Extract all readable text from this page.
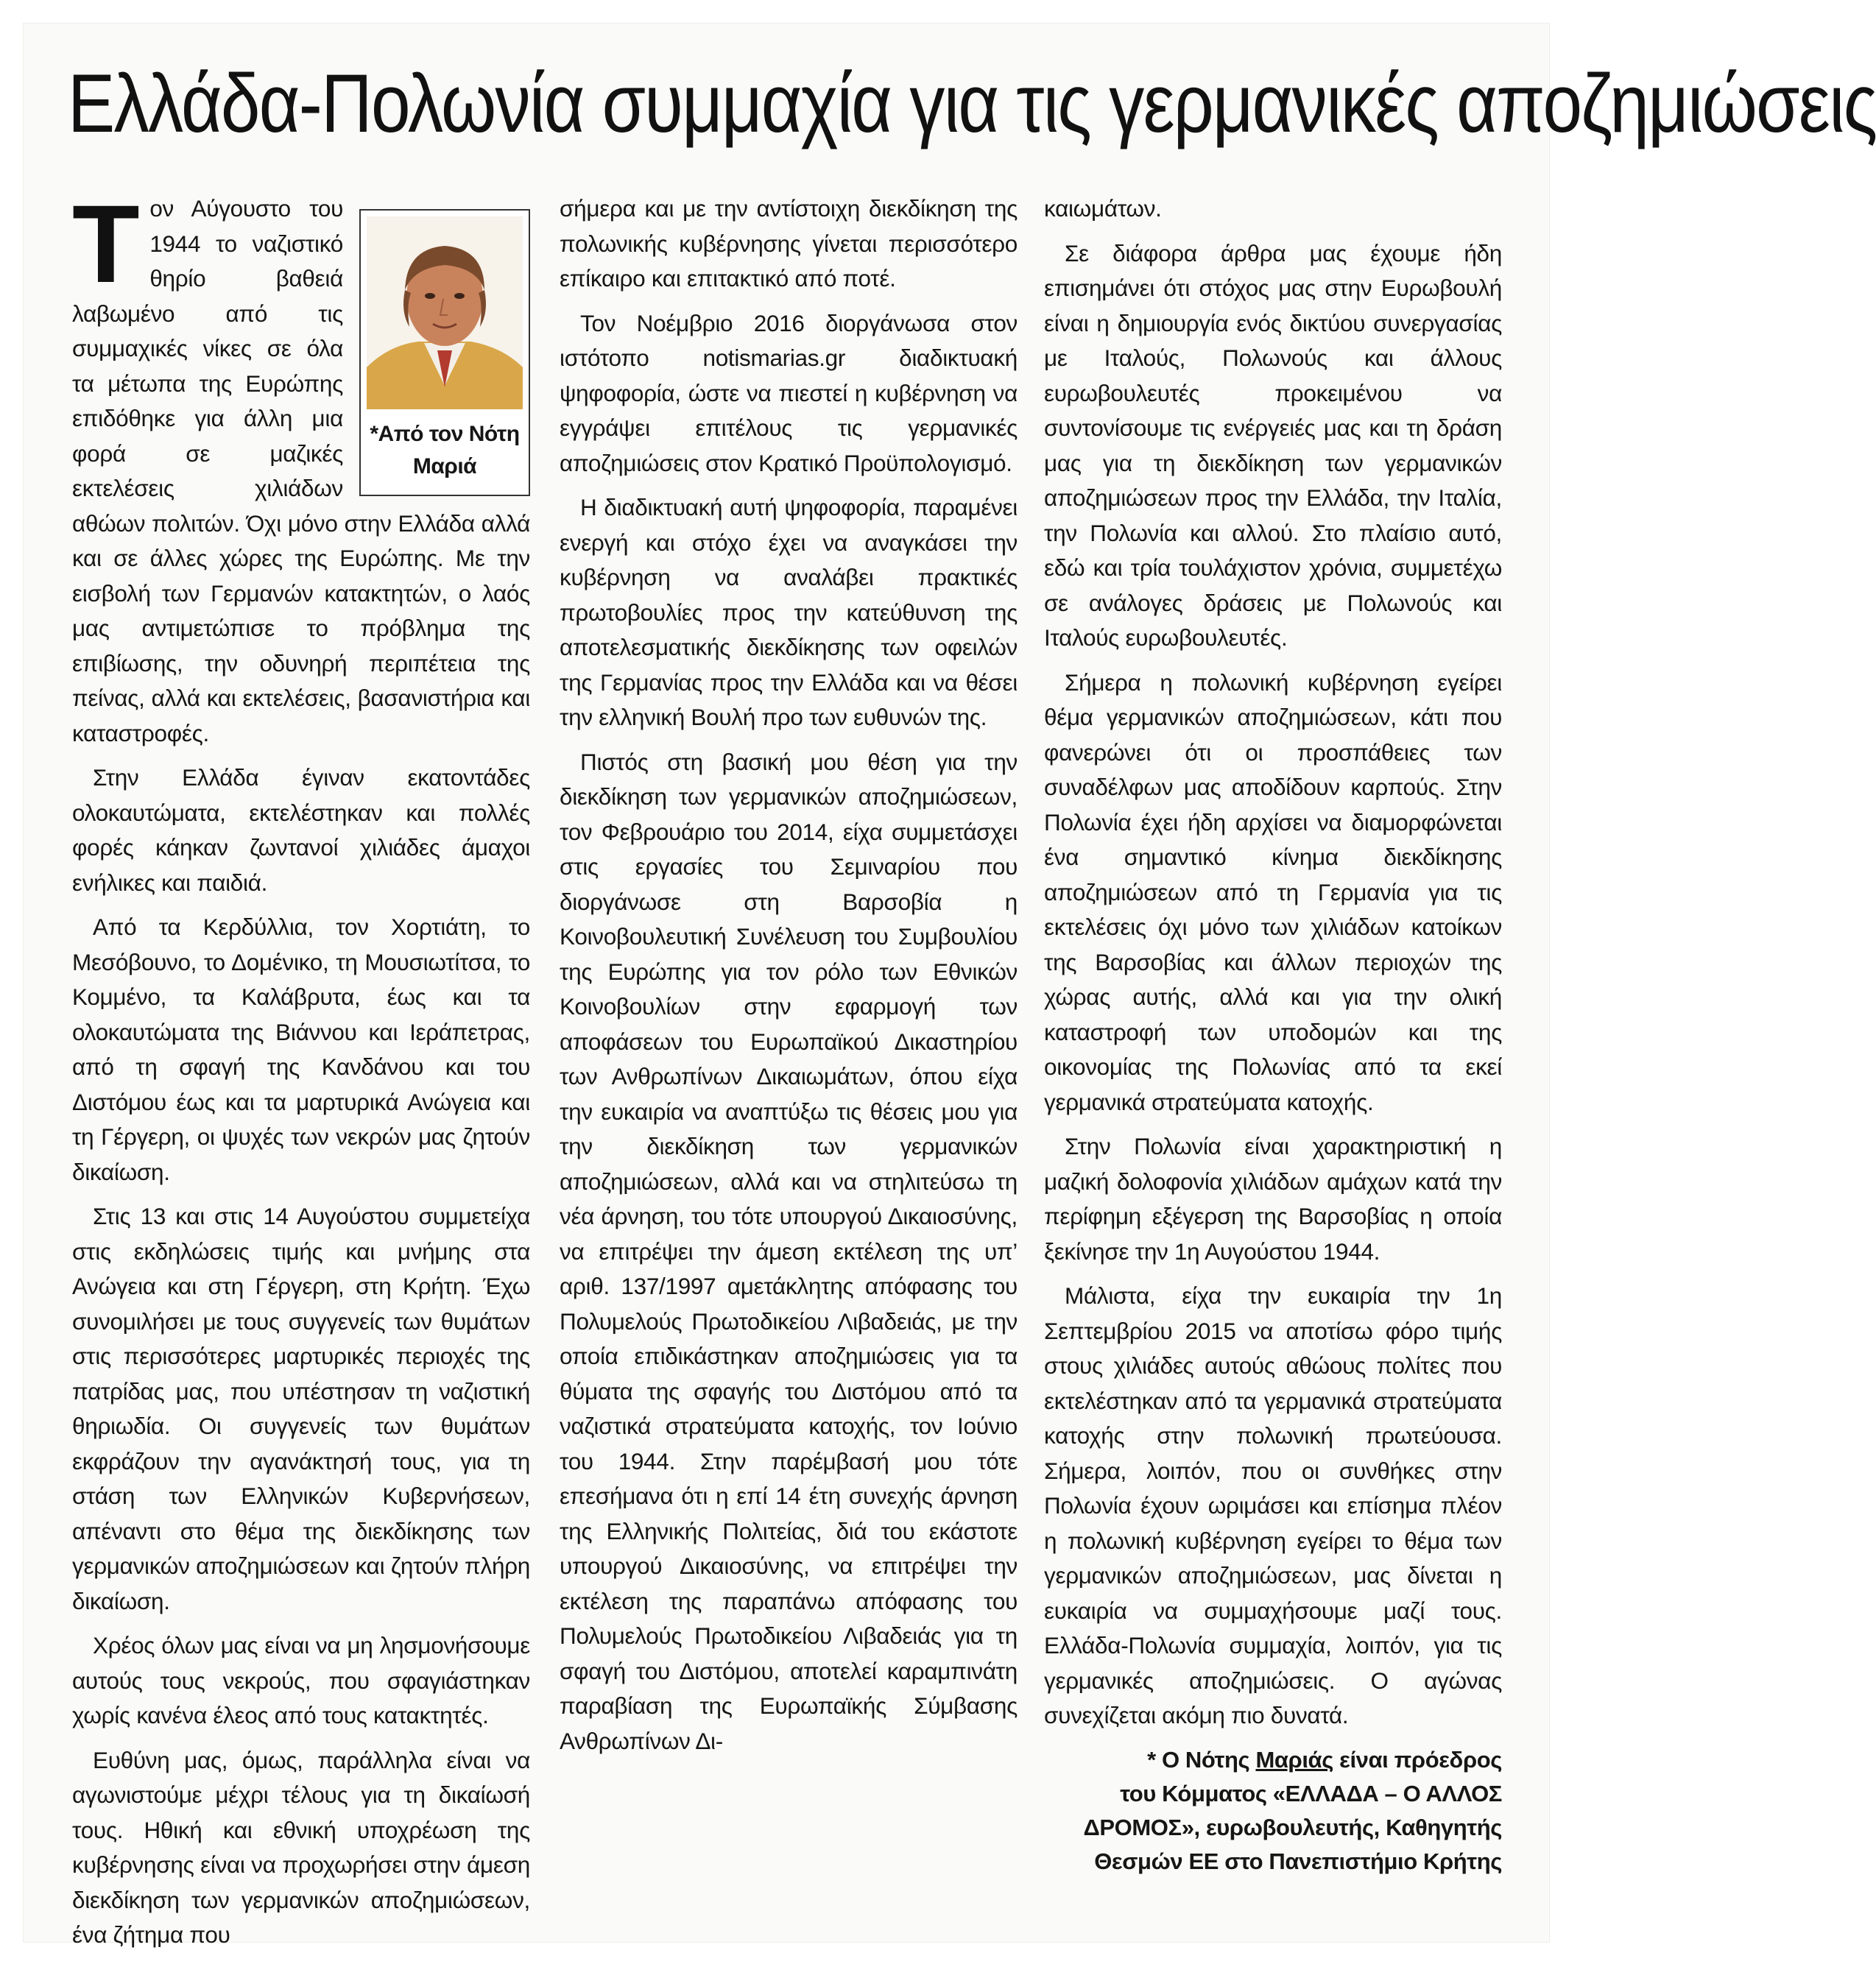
Ελλάδα-Πολωνία συμμαχία για τις γερμανικές αποζημιώσεις
*Από τον Νότη
Μαριά

Τον Αύγουστο του 1944 το ναζιστικό θηρίο βαθειά λαβωμένο από τις συμμαχικές νίκες σε όλα τα μέτωπα της Ευρώπης επιδόθηκε για άλλη μια φορά σε μαζικές εκτελέσεις χιλιάδων αθώων πολιτών. Όχι μόνο στην Ελλάδα αλλά και σε άλλες χώρες της Ευρώπης. Με την εισβολή των Γερμανών κατακτητών, ο λαός μας αντιμετώπισε το πρόβλημα της επιβίωσης, την οδυνηρή περιπέτεια της πείνας, αλλά και εκτελέσεις, βασανιστήρια και καταστροφές.

Στην Ελλάδα έγιναν εκατοντάδες ολοκαυτώματα, εκτελέστηκαν και πολλές φορές κάηκαν ζωντανοί χιλιάδες άμαχοι ενήλικες και παιδιά.

Από τα Κερδύλλια, τον Χορτιάτη, το Μεσόβουνο, το Δομένικο, τη Μουσιωτίτσα, το Κομμένο, τα Καλάβρυτα, έως και τα ολοκαυτώματα της Βιάννου και Ιεράπετρας, από τη σφαγή της Κανδάνου και του Διστόμου έως και τα μαρτυρικά Ανώγεια και τη Γέργερη, οι ψυχές των νεκρών μας ζητούν δικαίωση.

Στις 13 και στις 14 Αυγούστου συμμετείχα στις εκδηλώσεις τιμής και μνήμης στα Ανώγεια και στη Γέργερη, στη Κρήτη. Έχω συνομιλήσει με τους συγγενείς των θυμάτων στις περισσότερες μαρτυρικές περιοχές της πατρίδας μας, που υπέστησαν τη ναζιστική θηριωδία. Οι συγγενείς των θυμάτων εκφράζουν την αγανάκτησή τους, για τη στάση των Ελληνικών Κυβερνήσεων, απέναντι στο θέμα της διεκδίκησης των γερμανικών αποζημιώσεων και ζητούν πλήρη δικαίωση.

Χρέος όλων μας είναι να μη λησμονήσουμε αυτούς τους νεκρούς, που σφαγιάστηκαν χωρίς κανένα έλεος από τους κατακτητές.

Ευθύνη μας, όμως, παράλληλα είναι να αγωνιστούμε μέχρι τέλους για τη δικαίωσή τους. Ηθική και εθνική υποχρέωση της κυβέρνησης είναι να προχωρήσει στην άμεση διεκδίκηση των γερμανικών αποζημιώσεων, ένα ζήτημα που

σήμερα και με την αντίστοιχη διεκδίκηση της πολωνικής κυβέρνησης γίνεται περισσότερο επίκαιρο και επιτακτικό από ποτέ.

Τον Νοέμβριο 2016 διοργάνωσα στον ιστότοπο notismarias.gr διαδικτυακή ψηφοφορία, ώστε να πιεστεί η κυβέρνηση να εγγράψει επιτέλους τις γερμανικές αποζημιώσεις στον Κρατικό Προϋπολογισμό.

Η διαδικτυακή αυτή ψηφοφορία, παραμένει ενεργή και στόχο έχει να αναγκάσει την κυβέρνηση να αναλάβει πρακτικές πρωτοβουλίες προς την κατεύθυνση της αποτελεσματικής διεκδίκησης των οφειλών της Γερμανίας προς την Ελλάδα και να θέσει την ελληνική Βουλή προ των ευθυνών της.

Πιστός στη βασική μου θέση για την διεκδίκηση των γερμανικών αποζημιώσεων, τον Φεβρουάριο του 2014, είχα συμμετάσχει στις εργασίες του Σεμιναρίου που διοργάνωσε στη Βαρσοβία η Κοινοβουλευτική Συνέλευση του Συμβουλίου της Ευρώπης για τον ρόλο των Εθνικών Κοινοβουλίων στην εφαρμογή των αποφάσεων του Ευρωπαϊκού Δικαστηρίου των Ανθρωπίνων Δικαιωμάτων, όπου είχα την ευκαιρία να αναπτύξω τις θέσεις μου για την διεκδίκηση των γερμανικών αποζημιώσεων, αλλά και να στηλιτεύσω τη νέα άρνηση, του τότε υπουργού Δικαιοσύνης, να επιτρέψει την άμεση εκτέλεση της υπ’ αριθ. 137/1997 αμετάκλητης απόφασης του Πολυμελούς Πρωτοδικείου Λιβαδειάς, με την οποία επιδικάστηκαν αποζημιώσεις για τα θύματα της σφαγής του Διστόμου από τα ναζιστικά στρατεύματα κατοχής, τον Ιούνιο του 1944. Στην παρέμβασή μου τότε επεσήμανα ότι η επί 14 έτη συνεχής άρνηση της Ελληνικής Πολιτείας, διά του εκάστοτε υπουργού Δικαιοσύνης, να επιτρέψει την εκτέλεση της παραπάνω απόφασης του Πολυμελούς Πρωτοδικείου Λιβαδειάς για τη σφαγή του Διστόμου, αποτελεί καραμπινάτη παραβίαση της Ευρωπαϊκής Σύμβασης Ανθρωπίνων Δι-

καιωμάτων.

Σε διάφορα άρθρα μας έχουμε ήδη επισημάνει ότι στόχος μας στην Ευρωβουλή είναι η δημιουργία ενός δικτύου συνεργασίας με Ιταλούς, Πολωνούς και άλλους ευρωβουλευτές προκειμένου να συντονίσουμε τις ενέργειές μας και τη δράση μας για τη διεκδίκηση των γερμανικών αποζημιώσεων προς την Ελλάδα, την Ιταλία, την Πολωνία και αλλού. Στο πλαίσιο αυτό, εδώ και τρία τουλάχιστον χρόνια, συμμετέχω σε ανάλογες δράσεις με Πολωνούς και Ιταλούς ευρωβουλευτές.

Σήμερα η πολωνική κυβέρνηση εγείρει θέμα γερμανικών αποζημιώσεων, κάτι που φανερώνει ότι οι προσπάθειες των συναδέλφων μας αποδίδουν καρπούς. Στην Πολωνία έχει ήδη αρχίσει να διαμορφώνεται ένα σημαντικό κίνημα διεκδίκησης αποζημιώσεων από τη Γερμανία για τις εκτελέσεις όχι μόνο των χιλιάδων κατοίκων της Βαρσοβίας και άλλων περιοχών της χώρας αυτής, αλλά και για την ολική καταστροφή των υποδομών και της οικονομίας της Πολωνίας από τα εκεί γερμανικά στρατεύματα κατοχής.

Στην Πολωνία είναι χαρακτηριστική η μαζική δολοφονία χιλιάδων αμάχων κατά την περίφημη εξέγερση της Βαρσοβίας η οποία ξεκίνησε την 1η Αυγούστου 1944.

Μάλιστα, είχα την ευκαιρία την 1η Σεπτεμβρίου 2015 να αποτίσω φόρο τιμής στους χιλιάδες αυτούς αθώους πολίτες που εκτελέστηκαν από τα γερμανικά στρατεύματα κατοχής στην πολωνική πρωτεύουσα. Σήμερα, λοιπόν, που οι συνθήκες στην Πολωνία έχουν ωριμάσει και επίσημα πλέον η πολωνική κυβέρνηση εγείρει το θέμα των γερμανικών αποζημιώσεων, μας δίνεται η ευκαιρία να συμμαχήσουμε μαζί τους. Ελλάδα-Πολωνία συμμαχία, λοιπόν, για τις γερμανικές αποζημιώσεις. Ο αγώνας συνεχίζεται ακόμη πιο δυνατά.

* Ο Νότης Μαριάς είναι πρόεδρος
του Κόμματος «ΕΛΛΑΔΑ – Ο ΑΛΛΟΣ
ΔΡΟΜΟΣ», ευρωβουλευτής, Καθηγητής
Θεσμών ΕΕ στο Πανεπιστήμιο Κρήτης
